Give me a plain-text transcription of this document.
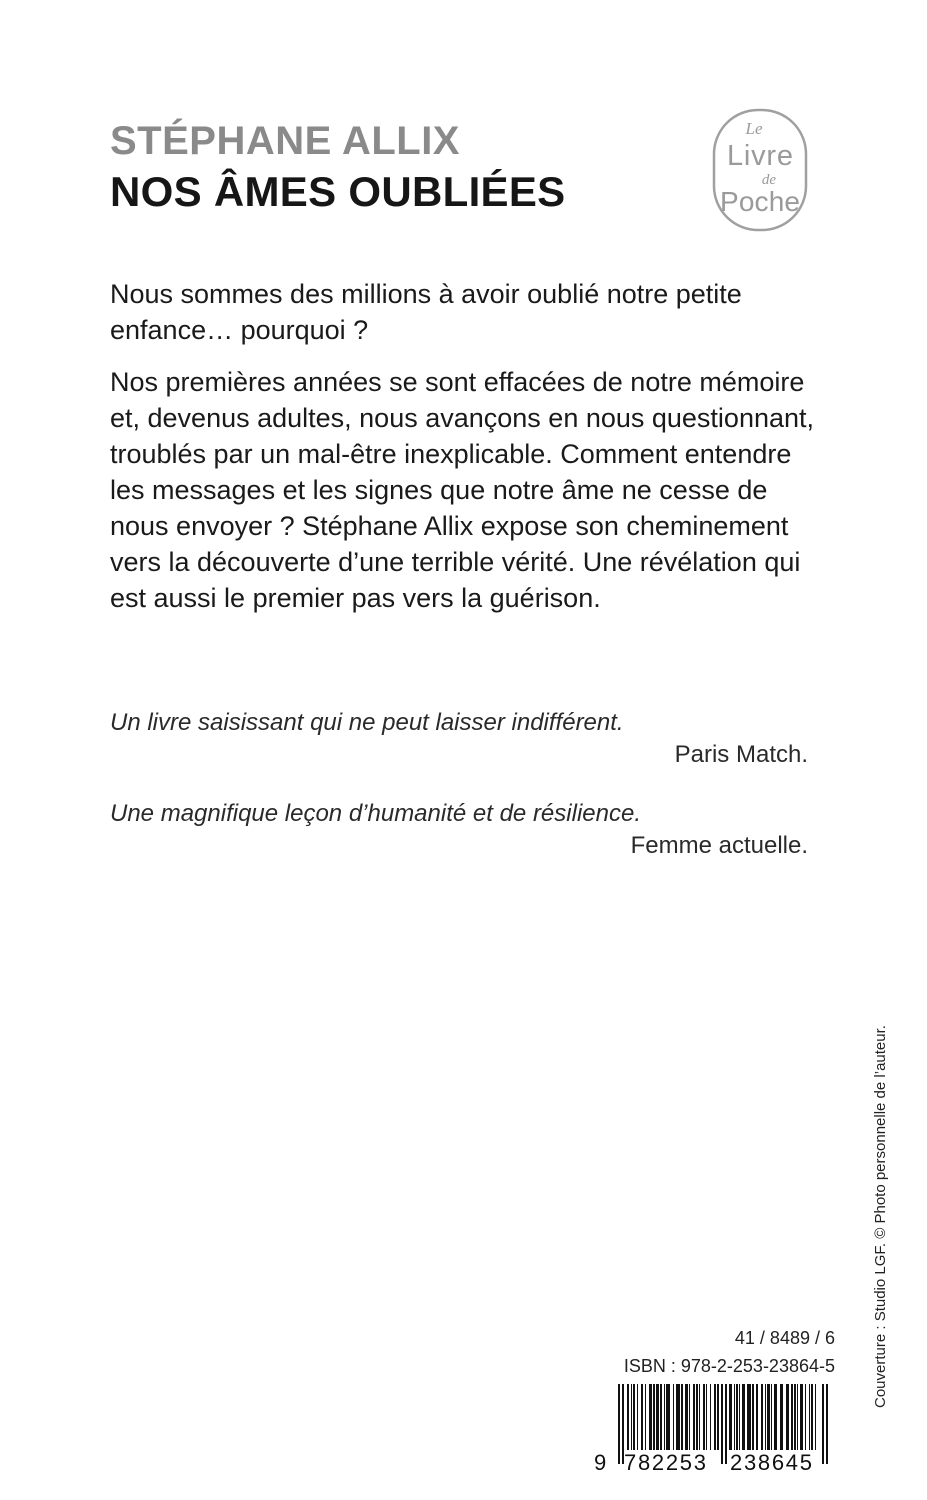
STÉPHANE ALLIX
NOS ÂMES OUBLIÉES
Le
Livre
de
Poche

Nous sommes des millions à avoir oublié notre petite enfance… pourquoi ?

Nos premières années se sont effacées de notre mémoire et, devenus adultes, nous avançons en nous questionnant, troublés par un mal-être inexplicable. Comment entendre les messages et les signes que notre âme ne cesse de nous envoyer ? Stéphane Allix expose son cheminement vers la découverte d’une terrible vérité. Une révélation qui est aussi le premier pas vers la guérison.

Un livre saisissant qui ne peut laisser indifférent.

Paris Match.

Une magnifique leçon d’humanité et de résilience.

Femme actuelle.

Couverture : Studio LGF. © Photo personnelle de l’auteur.

41 / 8489 / 6

ISBN : 978-2-253-23864-5

9 782253 238645
